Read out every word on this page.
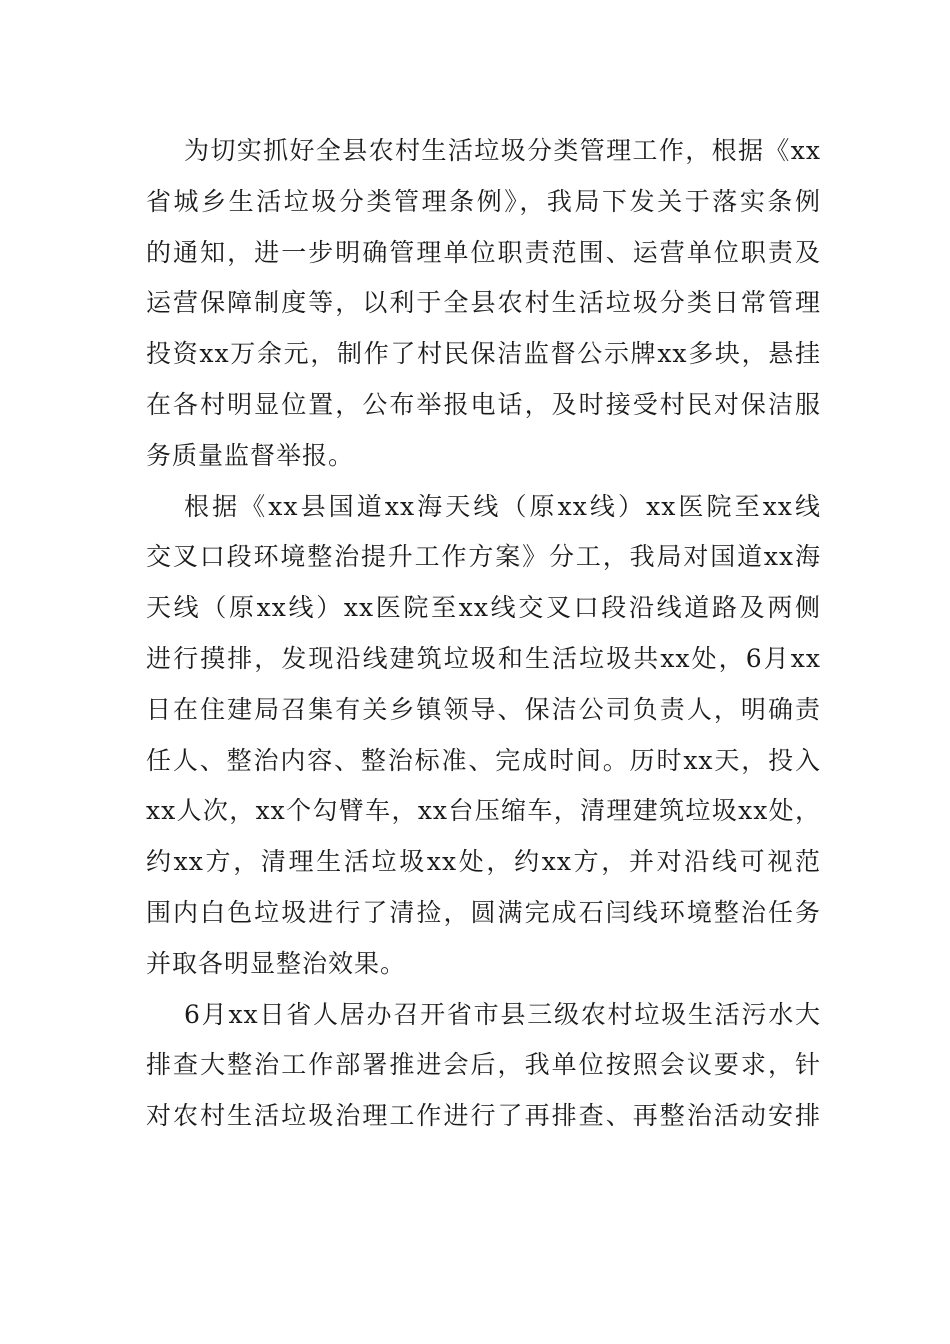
为切实抓好全县农村生活垃圾分类管理工作，根据《xx
省城乡生活垃圾分类管理条例》，我局下发关于落实条例
的通知，进一步明确管理单位职责范围、运营单位职责及
运营保障制度等，以利于全县农村生活垃圾分类日常管理
投资xx万余元，制作了村民保洁监督公示牌xx多块，悬挂
在各村明显位置，公布举报电话，及时接受村民对保洁服
务质量监督举报。
根据《xx县国道xx海天线（原xx线）xx医院至xx线
交叉口段环境整治提升工作方案》分工，我局对国道xx海
天线（原xx线）xx医院至xx线交叉口段沿线道路及两侧
进行摸排，发现沿线建筑垃圾和生活垃圾共xx处，6月xx
日在住建局召集有关乡镇领导、保洁公司负责人，明确责
任人、整治内容、整治标准、完成时间。历时xx天，投入
xx人次，xx个勾臂车，xx台压缩车，清理建筑垃圾xx处，
约xx方，清理生活垃圾xx处，约xx方，并对沿线可视范
围内白色垃圾进行了清捡，圆满完成石闫线环境整治任务
并取各明显整治效果。
6月xx日省人居办召开省市县三级农村垃圾生活污水大
排查大整治工作部署推进会后，我单位按照会议要求，针
对农村生活垃圾治理工作进行了再排查、再整治活动安排
